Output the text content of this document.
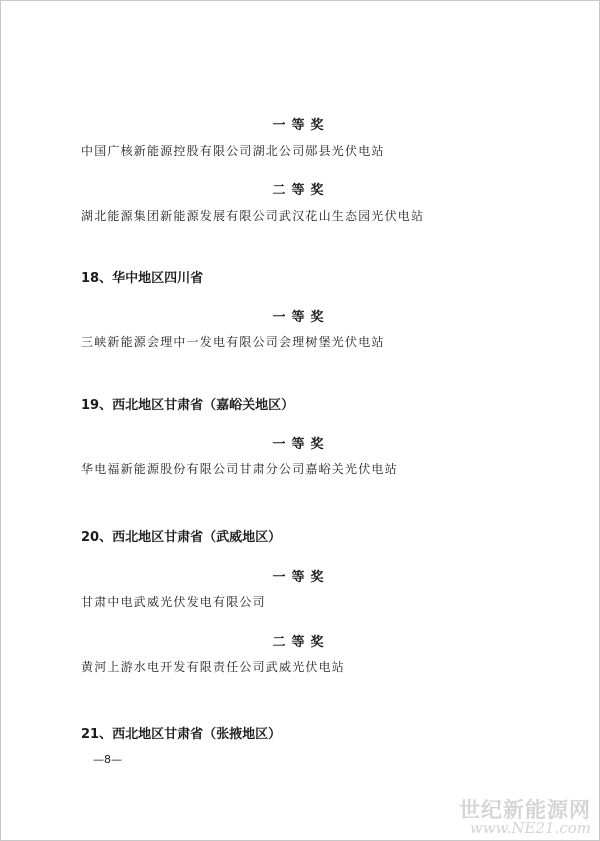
一等奖
中国广核新能源控股有限公司湖北公司郧县光伏电站
二等奖
湖北能源集团新能源发展有限公司武汉花山生态园光伏电站
18、华中地区四川省
一等奖
三峡新能源会理中一发电有限公司会理树堡光伏电站
19、西北地区甘肃省（嘉峪关地区）
一等奖
华电福新能源股份有限公司甘肃分公司嘉峪关光伏电站
20、西北地区甘肃省（武威地区）
一等奖
甘肃中电武威光伏发电有限公司
二等奖
黄河上游水电开发有限责任公司武威光伏电站
21、西北地区甘肃省（张掖地区）
—8—
世纪新能源网
www.NE21.com
